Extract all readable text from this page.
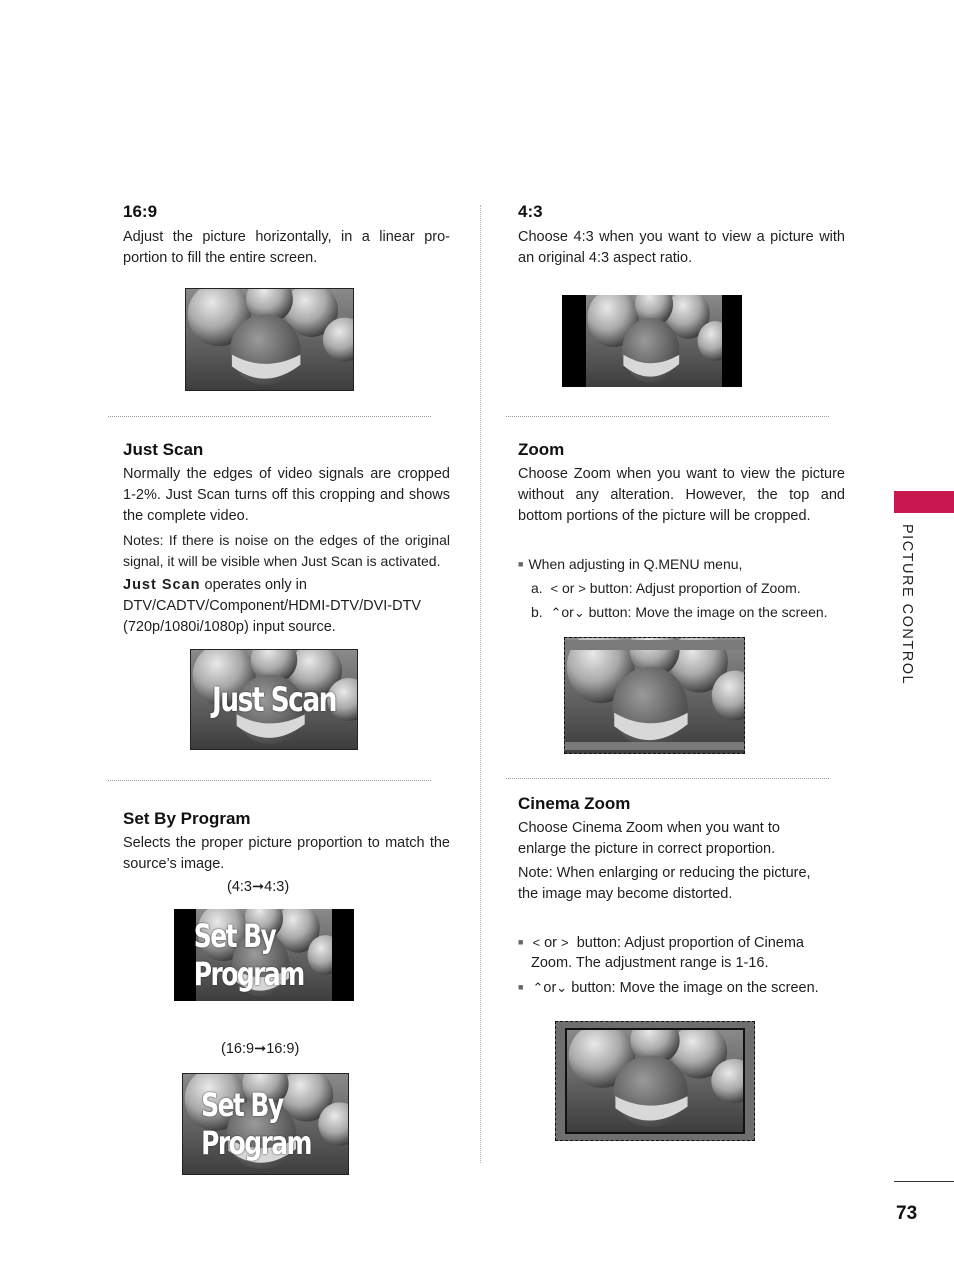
16:9
Adjust the picture horizontally, in a linear pro-portion to fill the entire screen.
Just Scan
Normally the edges of video signals are cropped 1-2%. Just Scan turns off this cropping and shows the complete video.
Notes: If there is noise on the edges of the original signal, it will be visible when Just Scan is activated.
Just Scan operates only in
DTV/CADTV/Component/HDMI-DTV/DVI-DTV
(720p/1080i/1080p) input source.
Just Scan
Set By Program
Selects the proper picture proportion to match the source’s image.
(4:3➞4:3)
Set By Program
(16:9➞16:9)
Set By Program
4:3
Choose 4:3 when you want to view a picture with an original 4:3 aspect ratio.
Zoom
Choose Zoom when you want to view the picture without any alteration. However, the top and bottom portions of the picture will be cropped.
■ When adjusting in Q.MENU menu,
a. < or > button: Adjust proportion of Zoom.
b. ⌃or⌄ button: Move the image on the screen.
Cinema Zoom
Choose Cinema Zoom when you want to
enlarge the picture in correct proportion.
Note: When enlarging or reducing the picture,
the image may become distorted.
■ < or > button: Adjust proportion of Cinema
Zoom. The adjustment range is 1-16.
■ ⌃or⌄ button: Move the image on the screen.
PICTURE CONTROL
73
